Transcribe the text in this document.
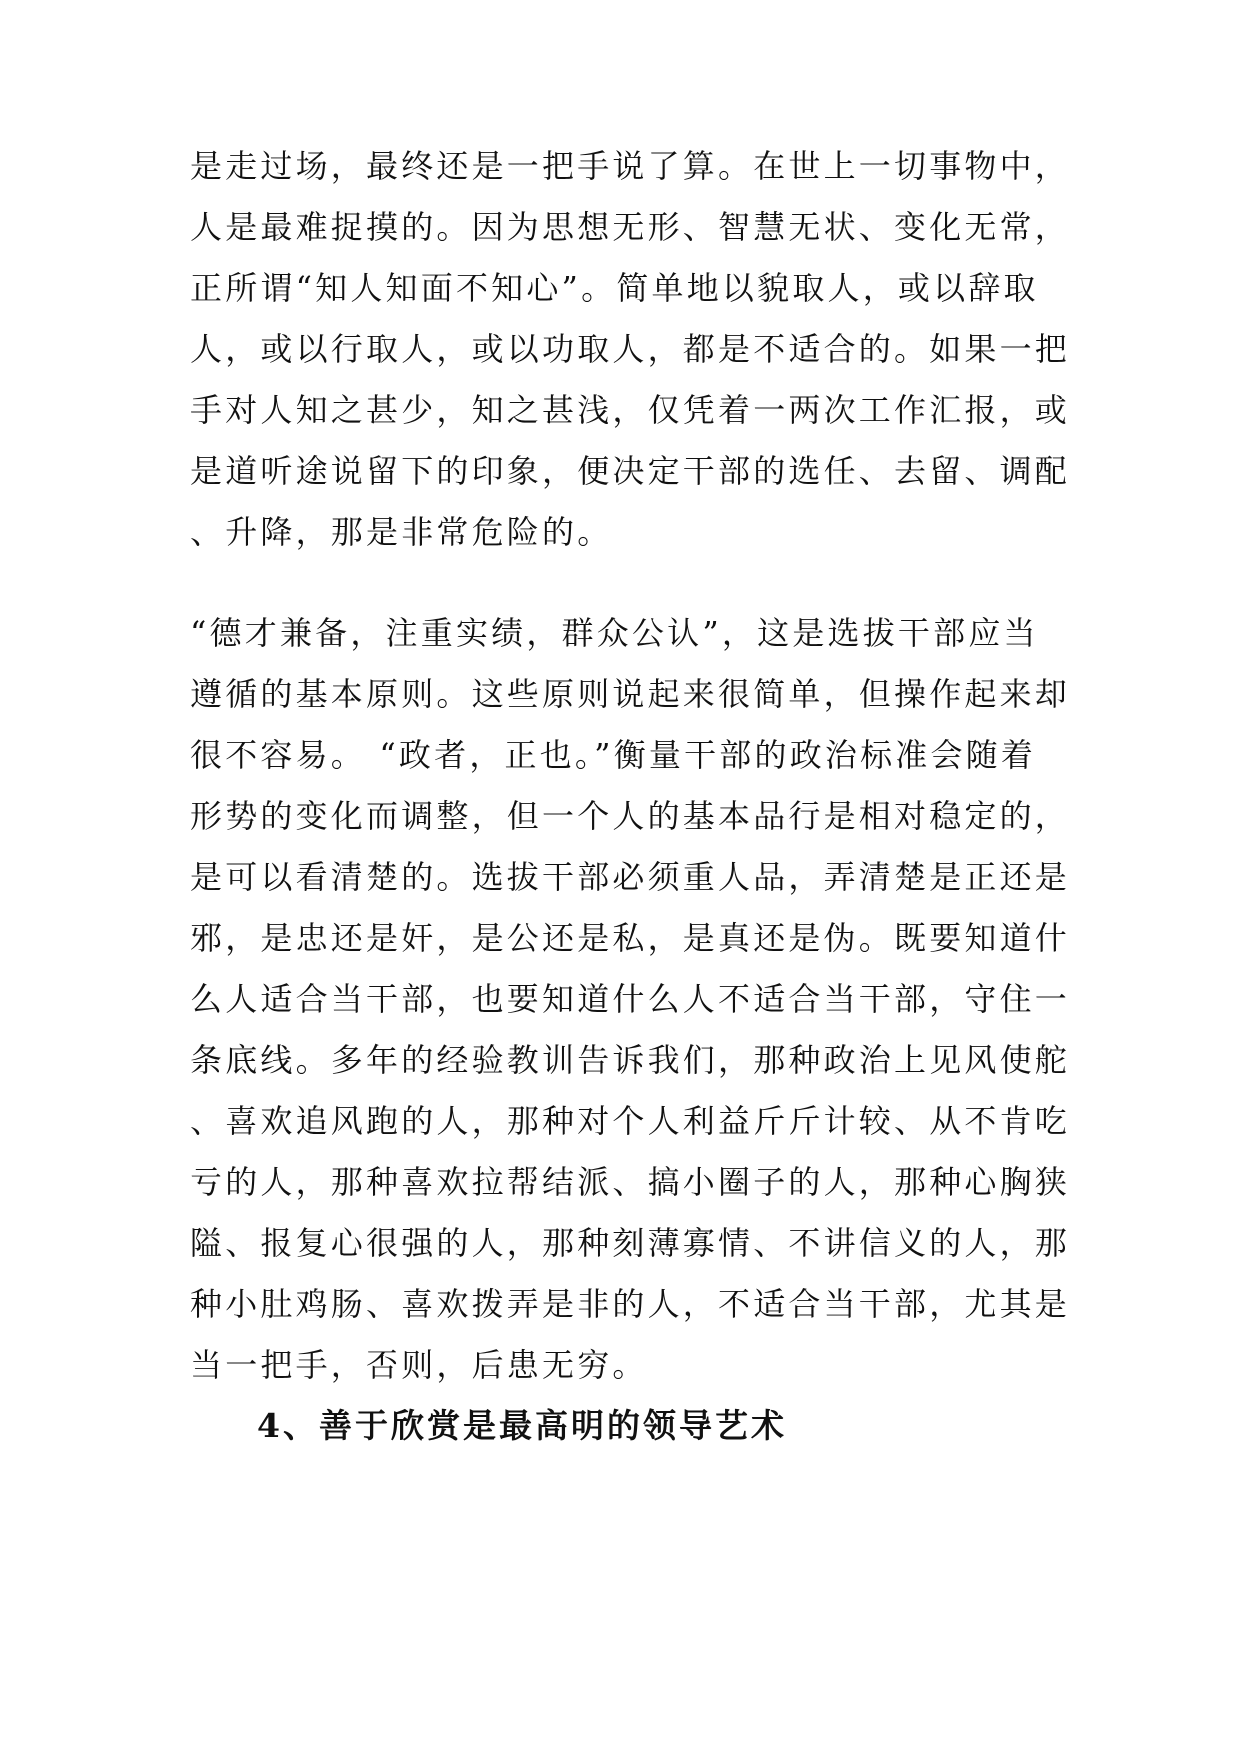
是走过场，最终还是一把手说了算。在世上一切事物中，
人是最难捉摸的。因为思想无形、智慧无状、变化无常，
正所谓“知人知面不知心”。简单地以貌取人，或以辞取
人，或以行取人，或以功取人，都是不适合的。如果一把
手对人知之甚少，知之甚浅，仅凭着一两次工作汇报，或
是道听途说留下的印象，便决定干部的选任、去留、调配
、升降，那是非常危险的。
“德才兼备，注重实绩，群众公认”，这是选拔干部应当
遵循的基本原则。这些原则说起来很简单，但操作起来却
很不容易。 “政者，正也。”衡量干部的政治标准会随着
形势的变化而调整，但一个人的基本品行是相对稳定的，
是可以看清楚的。选拔干部必须重人品，弄清楚是正还是
邪，是忠还是奸，是公还是私，是真还是伪。既要知道什
么人适合当干部，也要知道什么人不适合当干部，守住一
条底线。多年的经验教训告诉我们，那种政治上见风使舵
、喜欢追风跑的人，那种对个人利益斤斤计较、从不肯吃
亏的人，那种喜欢拉帮结派、搞小圈子的人，那种心胸狭
隘、报复心很强的人，那种刻薄寡情、不讲信义的人，那
种小肚鸡肠、喜欢拨弄是非的人，不适合当干部，尤其是
当一把手，否则，后患无穷。
4、善于欣赏是最高明的领导艺术
